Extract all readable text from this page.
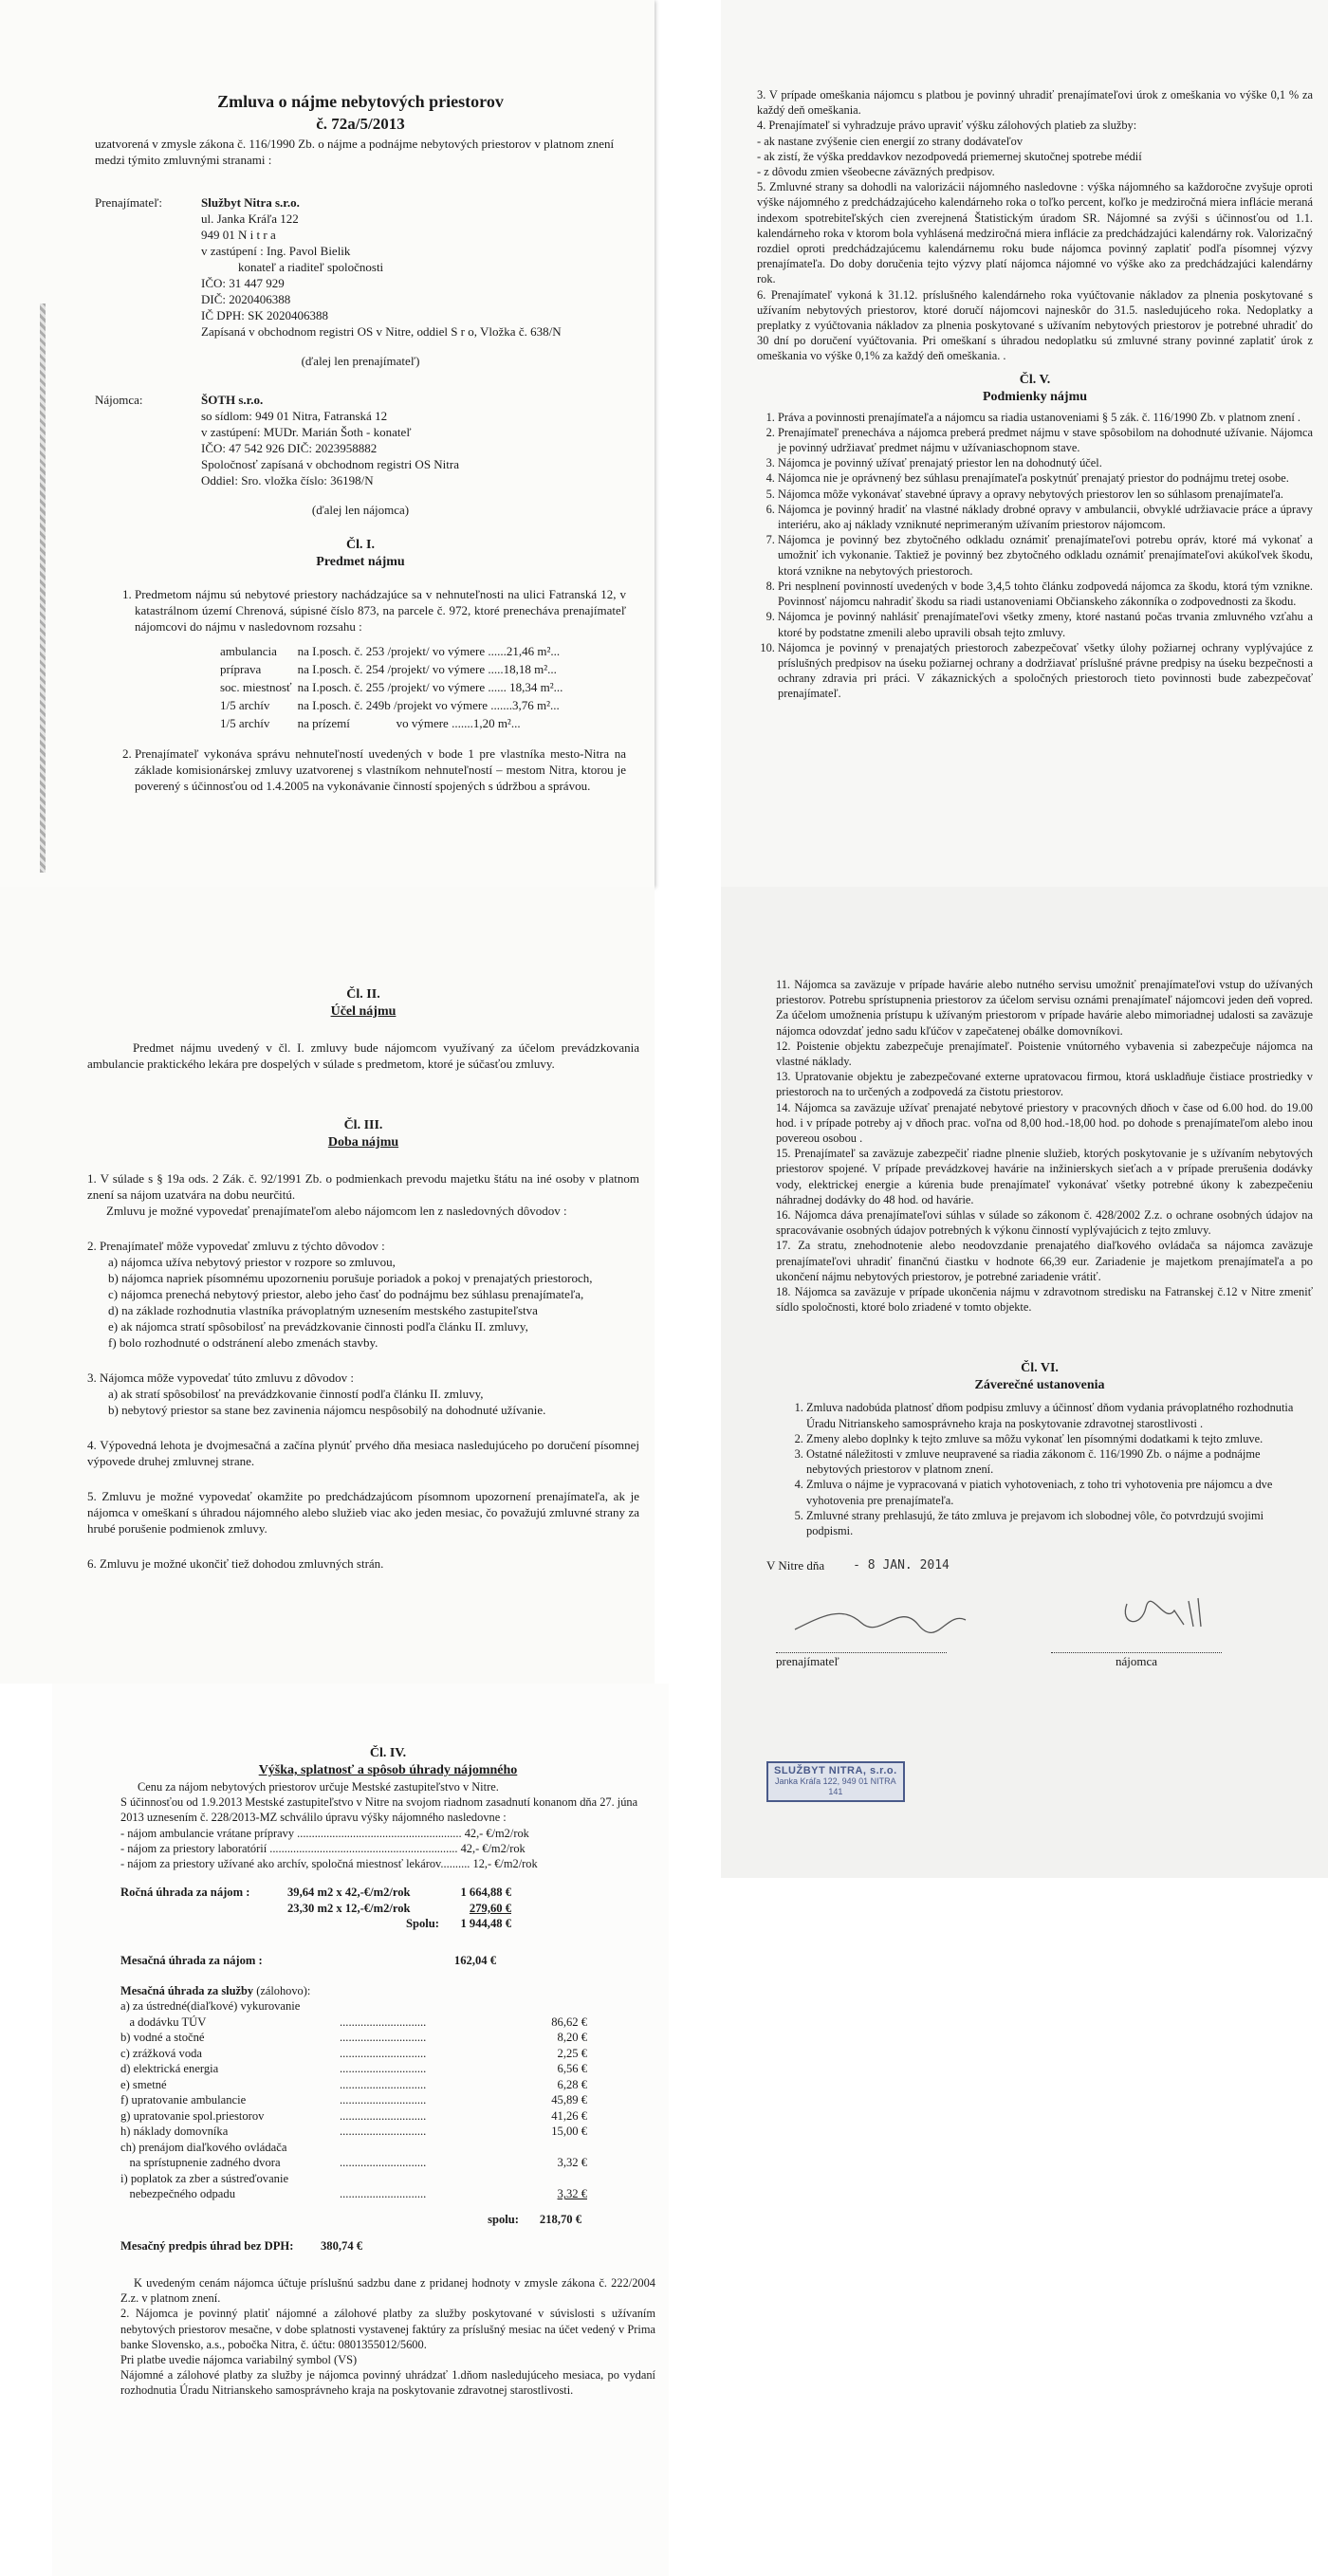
Zmluva o nájme nebytových priestorov
č. 72a/5/2013

uzatvorená v zmysle zákona č. 116/1990 Zb. o nájme a podnájme nebytových priestorov v platnom znení medzi týmito zmluvnými stranami :

Prenajímateľ:	Službyt Nitra s.r.o.
ul. Janka Kráľa 122
949 01 N i t r a
v zastúpení : Ing. Pavol Bielik
konateľ a riaditeľ spoločnosti
IČO: 31 447 929
DIČ: 2020406388
IČ DPH: SK 2020406388
Zapísaná v obchodnom registri OS v Nitre, oddiel S r o, Vložka č. 638/N

(ďalej len prenajímateľ)

Nájomca:	ŠOTH s.r.o.
so sídlom: 949 01 Nitra, Fatranská 12
v zastúpení: MUDr. Marián Šoth - konateľ
IČO: 47 542 926 DIČ: 2023958882
Spoločnosť zapísaná v obchodnom registri OS Nitra
Oddiel: Sro. vložka číslo: 36198/N

(ďalej len nájomca)

Čl. I.

Predmet nájmu

1. Predmetom nájmu sú nebytové priestory nachádzajúce sa v nehnuteľnosti na ulici Fatranská 12, v katastrálnom území Chrenová, súpisné číslo 873, na parcele č. 972, ktoré prenecháva prenajímateľ nájomcovi do nájmu v nasledovnom rozsahu :
ambulancia	na I.posch. č. 253 /projekt/ vo výmere ......21,46 m²...
príprava	na I.posch. č. 254 /projekt/ vo výmere .....18,18 m²...
soc. miestnosť	na I.posch. č. 255 /projekt/ vo výmere ...... 18,34 m²...
1/5 archív	na I.posch. č. 249b /projekt vo výmere .......3,76 m²...
1/5 archív	na prízemí               vo výmere .......1,20 m²...
2. Prenajímateľ vykonáva správu nehnuteľností uvedených v bode 1 pre vlastníka mesto-Nitra na základe komisionárskej zmluvy uzatvorenej s vlastníkom nehnuteľností – mestom Nitra, ktorou je poverený s účinnosťou od 1.4.2005 na vykonávanie činností spojených s údržbou a správou.

3. V prípade omeškania nájomcu s platbou je povinný uhradiť prenajímateľovi úrok z omeškania vo výške 0,1 % za každý deň omeškania.

4. Prenajímateľ si vyhradzuje právo upraviť výšku zálohových platieb za služby:

- ak nastane zvýšenie cien energií zo strany dodávateľov

- ak zistí, že výška preddavkov nezodpovedá priemernej skutočnej spotrebe médií

- z dôvodu zmien všeobecne záväzných predpisov.

5. Zmluvné strany sa dohodli na valorizácii nájomného nasledovne : výška nájomného sa každoročne zvyšuje oproti výške nájomného z predchádzajúceho kalendárneho roka o toľko percent, koľko je medziročná miera inflácie meraná indexom spotrebiteľských cien zverejnená Štatistickým úradom SR. Nájomné sa zvýši s účinnosťou od 1.1. kalendárneho roka v ktorom bola vyhlásená medziročná miera inflácie za predchádzajúci kalendárny rok. Valorizačný rozdiel oproti predchádzajúcemu kalendárnemu roku bude nájomca povinný zaplatiť podľa písomnej výzvy prenajímateľa. Do doby doručenia tejto výzvy platí nájomca nájomné vo výške ako za predchádzajúci kalendárny rok.

6. Prenajímateľ vykoná k 31.12. príslušného kalendárneho roka vyúčtovanie nákladov za plnenia poskytované s užívaním nebytových priestorov, ktoré doručí nájomcovi najneskôr do 31.5. nasledujúceho roka. Nedoplatky a preplatky z vyúčtovania nákladov za plnenia poskytované s užívaním nebytových priestorov je potrebné uhradiť do 30 dní po doručení vyúčtovania. Pri omeškaní s úhradou nedoplatku sú zmluvné strany povinné zaplatiť úrok z omeškania vo výške 0,1% za každý deň omeškania. .

Čl. V.

Podmienky nájmu

1. Práva a povinnosti prenajímateľa a nájomcu sa riadia ustanoveniami § 5 zák. č. 116/1990 Zb. v platnom znení .
2. Prenajímateľ prenecháva a nájomca preberá predmet nájmu v stave spôsobilom na dohodnuté užívanie. Nájomca je povinný udržiavať predmet nájmu v užívaniaschopnom stave.
3. Nájomca je povinný užívať prenajatý priestor len na dohodnutý účel.
4. Nájomca nie je oprávnený bez súhlasu prenajímateľa poskytnúť prenajatý priestor do podnájmu tretej osobe.
5. Nájomca môže vykonávať stavebné úpravy a opravy nebytových priestorov len so súhlasom prenajímateľa.
6. Nájomca je povinný hradiť na vlastné náklady drobné opravy v ambulancii, obvyklé udržiavacie práce a úpravy interiéru, ako aj náklady vzniknuté neprimeraným užívaním priestorov nájomcom.
7. Nájomca je povinný bez zbytočného odkladu oznámiť prenajímateľovi potrebu opráv, ktoré má vykonať a umožniť ich vykonanie. Taktiež je povinný bez zbytočného odkladu oznámiť prenajímateľovi akúkoľvek škodu, ktorá vznikne na nebytových priestoroch.
8. Pri nesplnení povinností uvedených v bode 3,4,5 tohto článku zodpovedá nájomca za škodu, ktorá tým vznikne. Povinnosť nájomcu nahradiť škodu sa riadi ustanoveniami Občianskeho zákonníka o zodpovednosti za škodu.
9. Nájomca je povinný nahlásiť prenajímateľovi všetky zmeny, ktoré nastanú počas trvania zmluvného vzťahu a ktoré by podstatne zmenili alebo upravili obsah tejto zmluvy.
10. Nájomca je povinný v prenajatých priestoroch zabezpečovať všetky úlohy požiarnej ochrany vyplývajúce z príslušných predpisov na úseku požiarnej ochrany a dodržiavať príslušné právne predpisy na úseku bezpečnosti a ochrany zdravia pri práci. V zákaznických a spoločných priestoroch tieto povinnosti bude zabezpečovať prenajímateľ.

Čl. II.

Účel nájmu

Predmet nájmu uvedený v čl. I. zmluvy bude nájomcom využívaný za účelom prevádzkovania ambulancie praktického lekára pre dospelých v súlade s predmetom, ktoré je súčasťou zmluvy.

Čl. III.

Doba nájmu

1. V súlade s § 19a ods. 2 Zák. č. 92/1991 Zb. o podmienkach prevodu majetku štátu na iné osoby v platnom znení sa nájom uzatvára na dobu neurčitú.

Zmluvu je možné vypovedať prenajímateľom alebo nájomcom len z nasledovných dôvodov :

2. Prenajímateľ môže vypovedať zmluvu z týchto dôvodov :

a) nájomca užíva nebytový priestor v rozpore so zmluvou,

b) nájomca napriek písomnému upozorneniu porušuje poriadok a pokoj v prenajatých priestoroch,

c) nájomca prenechá nebytový priestor, alebo jeho časť do podnájmu bez súhlasu prenajímateľa,

d) na základe rozhodnutia vlastníka právoplatným uznesením mestského zastupiteľstva

e) ak nájomca stratí spôsobilosť na prevádzkovanie činnosti podľa článku II. zmluvy,

f) bolo rozhodnuté o odstránení alebo zmenách stavby.

3. Nájomca môže vypovedať túto zmluvu z dôvodov :

a) ak stratí spôsobilosť na prevádzkovanie činností podľa článku II. zmluvy,

b) nebytový priestor sa stane bez zavinenia nájomcu nespôsobilý na dohodnuté užívanie.

4. Výpovedná lehota je dvojmesačná a začína plynúť prvého dňa mesiaca nasledujúceho po doručení písomnej výpovede druhej zmluvnej strane.

5. Zmluvu je možné vypovedať okamžite po predchádzajúcom písomnom upozornení prenajímateľa, ak je nájomca v omeškaní s úhradou nájomného alebo služieb viac ako jeden mesiac, čo považujú zmluvné strany za hrubé porušenie podmienok zmluvy.

6. Zmluvu je možné ukončiť tiež dohodou zmluvných strán.

11. Nájomca sa zaväzuje v prípade havárie alebo nutného servisu umožniť prenajímateľovi vstup do užívaných priestorov. Potrebu sprístupnenia priestorov za účelom servisu oznámi prenajímateľ nájomcovi jeden deň vopred. Za účelom umožnenia prístupu k užívaným priestorom v prípade havárie alebo mimoriadnej udalosti sa zaväzuje nájomca odovzdať jedno sadu kľúčov v zapečatenej obálke domovníkovi.

12. Poistenie objektu zabezpečuje prenajímateľ. Poistenie vnútorného vybavenia si zabezpečuje nájomca na vlastné náklady.

13. Upratovanie objektu je zabezpečované externe upratovacou firmou, ktorá uskladňuje čistiace prostriedky v priestoroch na to určených a zodpovedá za čistotu priestorov.

14. Nájomca sa zaväzuje užívať prenajaté nebytové priestory v pracovných dňoch v čase od 6.00 hod. do 19.00 hod. i v prípade potreby aj v dňoch prac. voľna od 8,00 hod.-18,00 hod. po dohode s prenajímateľom alebo inou povereou osobou .

15. Prenajímateľ sa zaväzuje zabezpečiť riadne plnenie služieb, ktorých poskytovanie je s užívaním nebytových priestorov spojené. V prípade prevádzkovej havárie na inžinierskych sieťach a v prípade prerušenia dodávky vody, elektrickej energie a kúrenia bude prenajímateľ vykonávať všetky potrebné úkony k zabezpečeniu náhradnej dodávky do 48 hod. od havárie.

16. Nájomca dáva prenajímateľovi súhlas v súlade so zákonom č. 428/2002 Z.z. o ochrane osobných údajov na spracovávanie osobných údajov potrebných k výkonu činností vyplývajúcich z tejto zmluvy.

17. Za stratu, znehodnotenie alebo neodovzdanie prenajatého diaľkového ovládača sa nájomca zaväzuje prenajímateľovi uhradiť finančnú čiastku v hodnote 66,39 eur. Zariadenie je majetkom prenajímateľa a po ukončení nájmu nebytových priestorov, je potrebné zariadenie vrátiť.

18. Nájomca sa zaväzuje v prípade ukončenia nájmu v zdravotnom stredisku na Fatranskej č.12 v Nitre zmeniť sídlo spoločnosti, ktoré bolo zriadené v tomto objekte.

Čl. VI.

Záverečné ustanovenia

1. Zmluva nadobúda platnosť dňom podpisu zmluvy a účinnosť dňom vydania právoplatného rozhodnutia Úradu Nitrianskeho samosprávneho kraja na poskytovanie zdravotnej starostlivosti .
2. Zmeny alebo doplnky k tejto zmluve sa môžu vykonať len písomnými dodatkami k tejto zmluve.
3. Ostatné náležitosti v zmluve neupravené sa riadia zákonom č. 116/1990 Zb. o nájme a podnájme nebytových priestorov v platnom znení.
4. Zmluva o nájme je vypracovaná v piatich vyhotoveniach, z toho tri vyhotovenia pre nájomcu a dve vyhotovenia pre prenajímateľa.
5. Zmluvné strany prehlasujú, že táto zmluva je prejavom ich slobodnej vôle, čo potvrdzujú svojimi podpismi.
V Nitre dňa - 8 JAN. 2014
prenajímateľ	nájomca
SLUŽBYT NITRA, s.r.o.
Janka Kráľa 122, 949 01 NITRA
141

Čl. IV.

Výška, splatnosť a spôsob úhrady nájomného

Cenu za nájom nebytových priestorov určuje Mestské zastupiteľstvo v Nitre.

S účinnosťou od 1.9.2013 Mestské zastupiteľstvo v Nitre na svojom riadnom zasadnutí konanom dňa 27. júna 2013 uznesením č. 228/2013-MZ schválilo úpravu výšky nájomného nasledovne :

- nájom ambulancie vrátane prípravy ........................................................ 42,- €/m2/rok

- nájom za priestory laboratórií ................................................................ 42,- €/m2/rok

- nájom za priestory užívané ako archív, spoločná miestnosť lekárov.......... 12,- €/m2/rok

Ročná úhrada za nájom :	39,64 m2 x 42,-€/m2/rok	1 664,88 €
	23,30 m2 x 12,-€/m2/rok	279,60 €
	Spolu:	1 944,48 €
Mesačná úhrada za nájom :	162,04 €

Mesačná úhrada za služby (zálohovo):

a) za ústredné(diaľkové) vykurovanie		
a dodávku TÚV	.............................	86,62 €
b) vodné a stočné	.............................	8,20 €
c) zrážková voda	.............................	2,25 €
d) elektrická energia	.............................	6,56 €
e) smetné	.............................	6,28 €
f) upratovanie ambulancie	.............................	45,89 €
g) upratovanie spol.priestorov	.............................	41,26 €
h) náklady domovníka	.............................	15,00 €
ch) prenájom diaľkového ovládača		
na sprístupnenie zadného dvora	.............................	3,32 €
i) poplatok za zber a sústreďovanie		
nebezpečného odpadu	.............................	3,32 €
spolu:	218,70 €
Mesačný predpis úhrad bez DPH:	380,74 €

K uvedeným cenám nájomca účtuje príslušnú sadzbu dane z pridanej hodnoty v zmysle zákona č. 222/2004 Z.z. v platnom znení.

2. Nájomca je povinný platiť nájomné a zálohové platby za služby poskytované v súvislosti s užívaním nebytových priestorov mesačne, v dobe splatnosti vystavenej faktúry za príslušný mesiac na účet vedený v Prima banke Slovensko, a.s., pobočka Nitra, č. účtu: 0801355012/5600.

Pri platbe uvedie nájomca variabilný symbol (VS)

Nájomné a zálohové platby za služby je nájomca povinný uhrádzať 1.dňom nasledujúceho mesiaca, po vydaní rozhodnutia Úradu Nitrianskeho samosprávneho kraja na poskytovanie zdravotnej starostlivosti.
